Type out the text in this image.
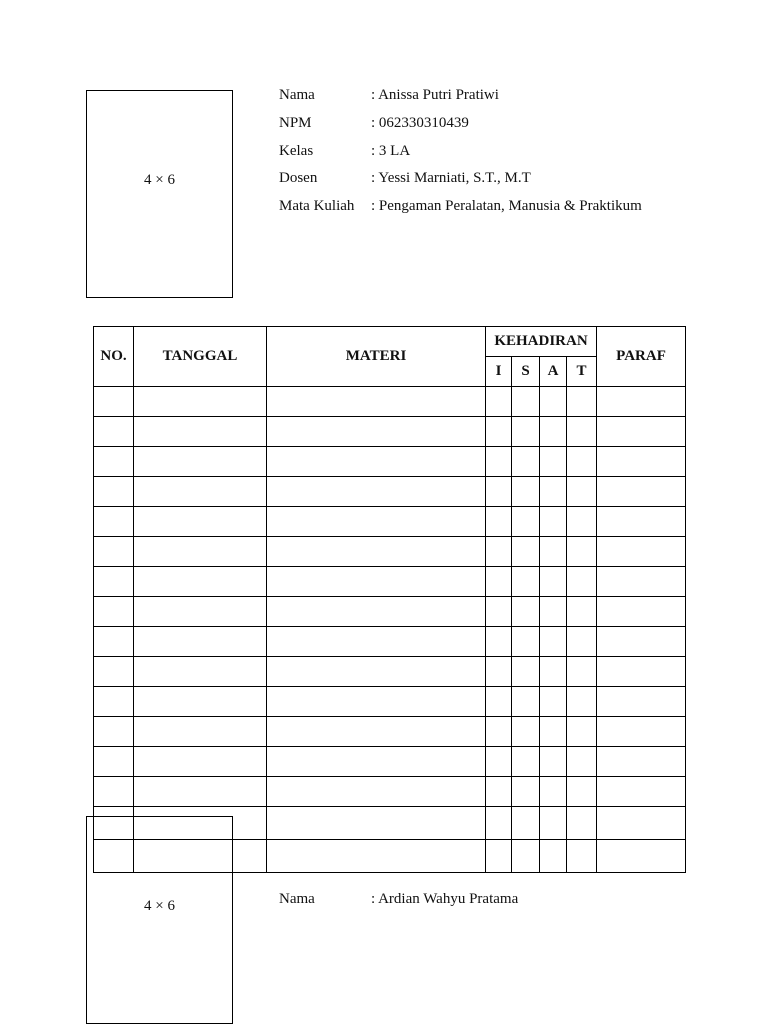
4 × 6
Nama	: Anissa Putri Pratiwi
NPM	: 062330310439
Kelas	: 3 LA
Dosen	: Yessi Marniati, S.T., M.T
Mata Kuliah	: Pengaman Peralatan, Manusia & Praktikum
NO.	TANGGAL	MATERI	KEHADIRAN				PARAF
			I	S	A	T	

4 × 6	Nama	: Ardian Wahyu Pratama
